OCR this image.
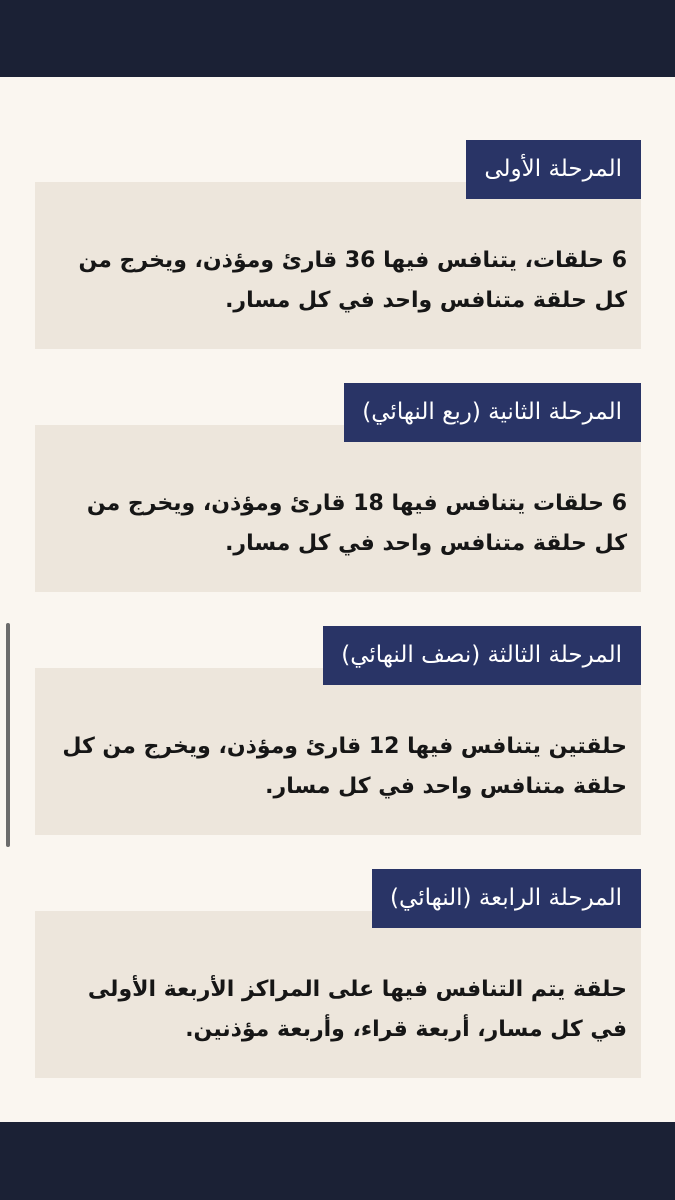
المرحلة الأولى
6 حلقات، يتنافس فيها 36 قارئ ومؤذن، ويخرج من كل حلقة متنافس واحد في كل مسار.
المرحلة الثانية (ربع النهائي)
6 حلقات يتنافس فيها 18 قارئ ومؤذن، ويخرج من كل حلقة متنافس واحد في كل مسار.
المرحلة الثالثة (نصف النهائي)
حلقتين يتنافس فيها 12 قارئ ومؤذن، ويخرج من كل حلقة متنافس واحد في كل مسار.
المرحلة الرابعة (النهائي)
حلقة يتم التنافس فيها على المراكز الأربعة الأولى في كل مسار، أربعة قراء، وأربعة مؤذنين.
